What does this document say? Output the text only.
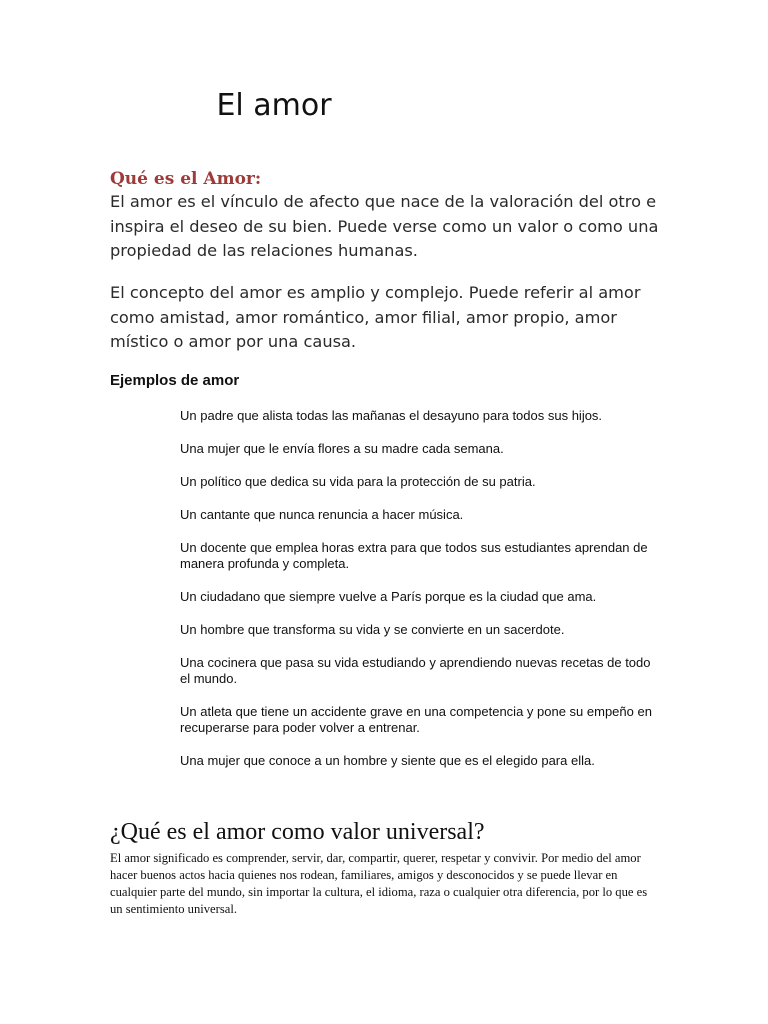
El amor
Qué es el Amor:

El amor es el vínculo de afecto que nace de la valoración del otro e inspira el deseo de su bien. Puede verse como un valor o como una propiedad de las relaciones humanas.

El concepto del amor es amplio y complejo. Puede referir al amor como amistad, amor romántico, amor filial, amor propio, amor místico o amor por una causa.

Ejemplos de amor
Un padre que alista todas las mañanas el desayuno para todos sus hijos.
Una mujer que le envía flores a su madre cada semana.
Un político que dedica su vida para la protección de su patria.
Un cantante que nunca renuncia a hacer música.
Un docente que emplea horas extra para que todos sus estudiantes aprendan de manera profunda y completa.
Un ciudadano que siempre vuelve a París porque es la ciudad que ama.
Un hombre que transforma su vida y se convierte en un sacerdote.
Una cocinera que pasa su vida estudiando y aprendiendo nuevas recetas de todo el mundo.
Un atleta que tiene un accidente grave en una competencia y pone su empeño en recuperarse para poder volver a entrenar.
Una mujer que conoce a un hombre y siente que es el elegido para ella.
¿Qué es el amor como valor universal?

El amor significado es comprender, servir, dar, compartir, querer, respetar y convivir. Por medio del amor hacer buenos actos hacia quienes nos rodean, familiares, amigos y desconocidos y se puede llevar en cualquier parte del mundo, sin importar la cultura, el idioma, raza o cualquier otra diferencia, por lo que es un sentimiento universal.
